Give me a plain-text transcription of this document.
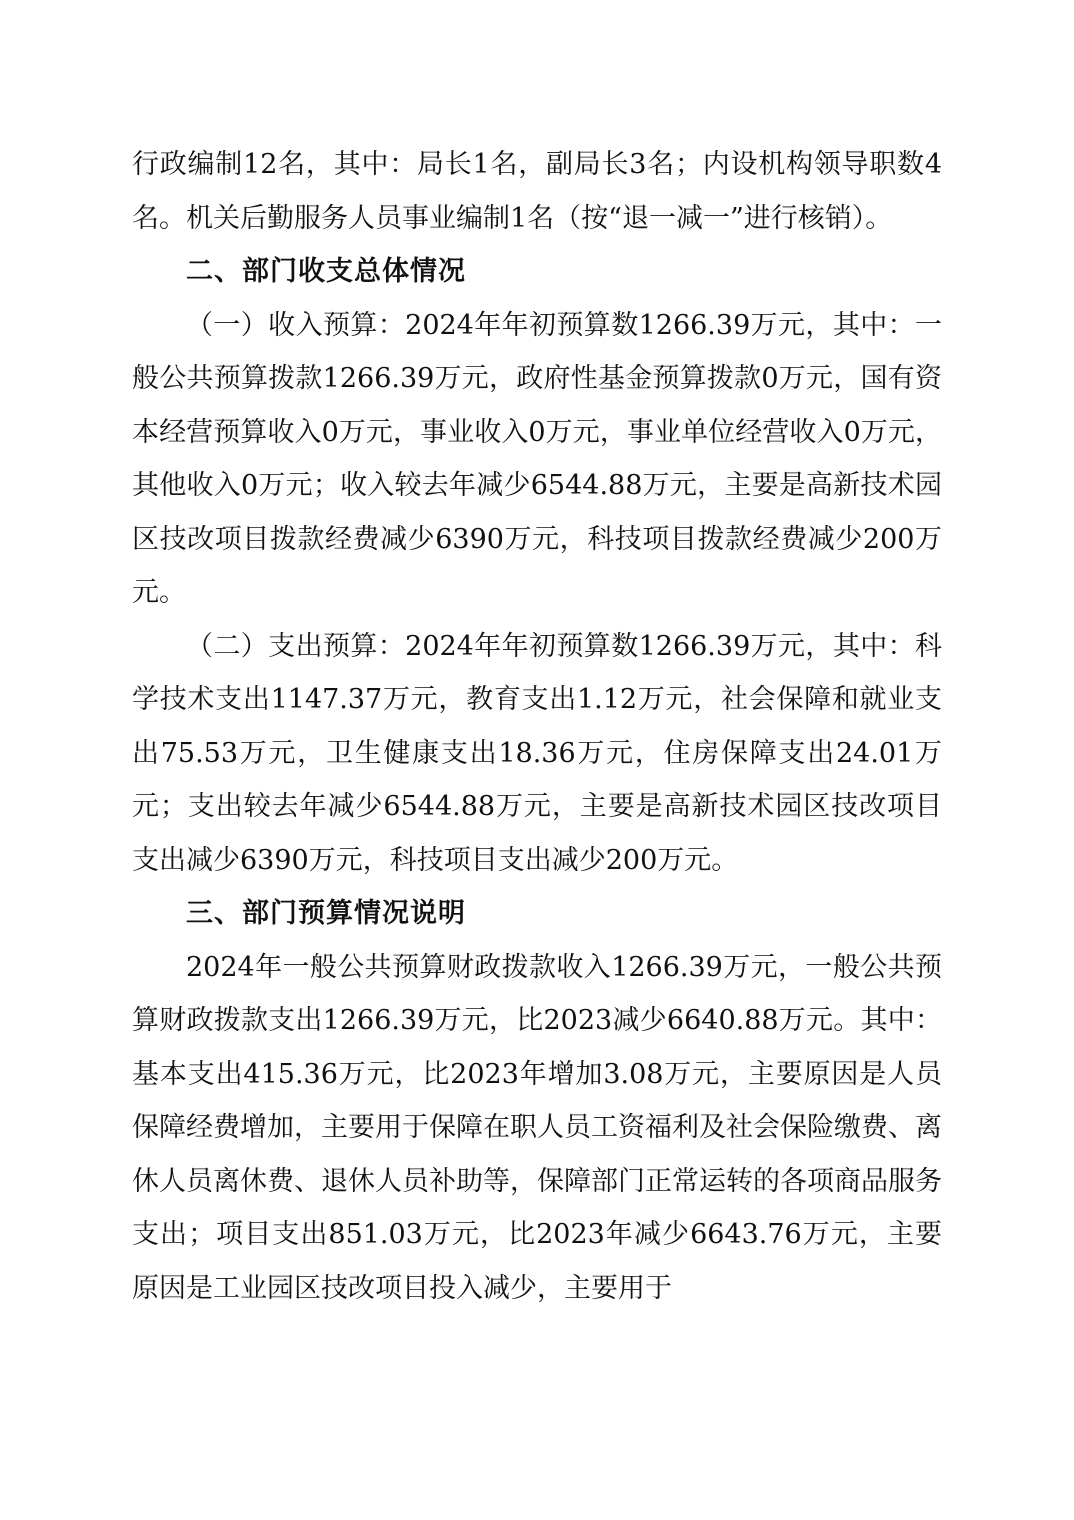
行政编制12名，其中：局长1名，副局长3名；内设机构领导职数4名。机关后勤服务人员事业编制1名（按“退一减一”进行核销）。

二、部门收支总体情况

（一）收入预算：2024年年初预算数1266.39万元，其中：一般公共预算拨款1266.39万元，政府性基金预算拨款0万元，国有资本经营预算收入0万元，事业收入0万元，事业单位经营收入0万元，其他收入0万元；收入较去年减少6544.88万元，主要是高新技术园区技改项目拨款经费减少6390万元，科技项目拨款经费减少200万元。

（二）支出预算：2024年年初预算数1266.39万元，其中：科学技术支出1147.37万元，教育支出1.12万元，社会保障和就业支出75.53万元，卫生健康支出18.36万元，住房保障支出24.01万元；支出较去年减少6544.88万元，主要是高新技术园区技改项目支出减少6390万元，科技项目支出减少200万元。

三、部门预算情况说明

2024年一般公共预算财政拨款收入1266.39万元，一般公共预算财政拨款支出1266.39万元，比2023减少6640.88万元。其中：基本支出415.36万元，比2023年增加3.08万元，主要原因是人员保障经费增加，主要用于保障在职人员工资福利及社会保险缴费、离休人员离休费、退休人员补助等，保障部门正常运转的各项商品服务支出；项目支出851.03万元，比2023年减少6643.76万元，主要原因是工业园区技改项目投入减少，主要用于
